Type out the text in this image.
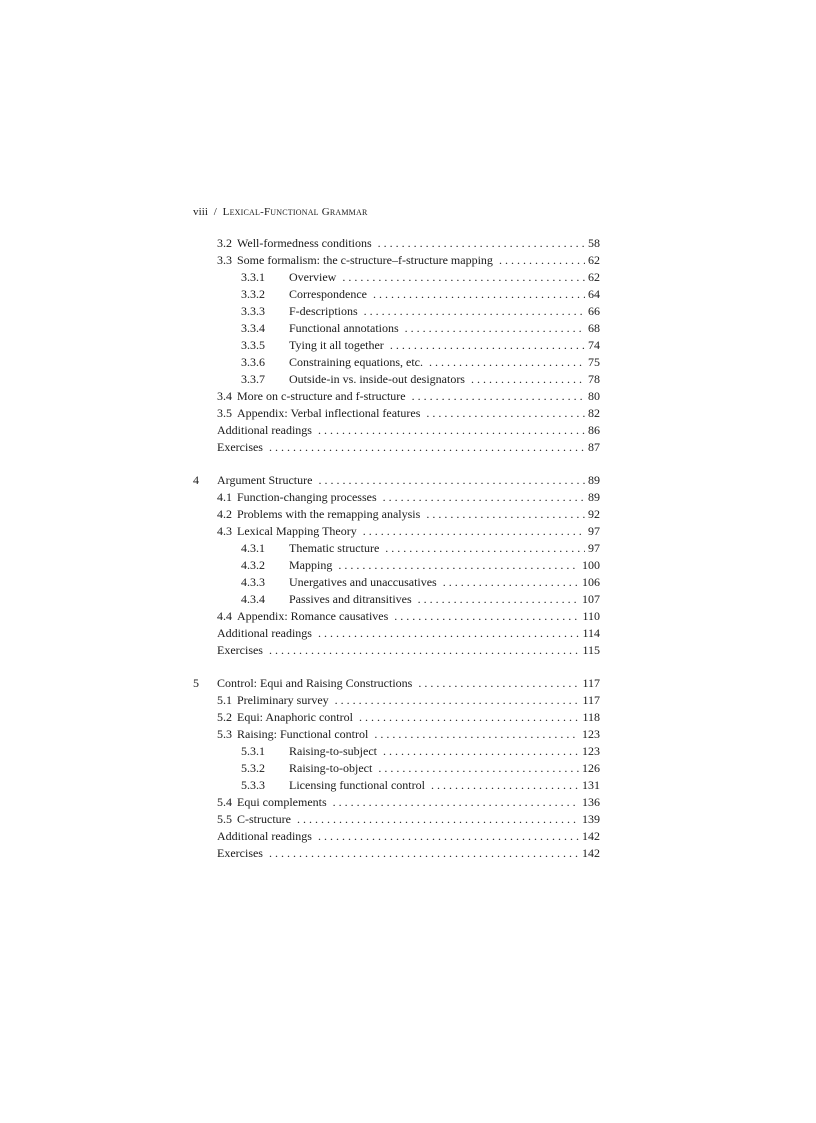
viii / Lexical-Functional Grammar
3.2 Well-formedness conditions . . .	58
3.3 Some formalism: the c-structure–f-structure mapping . . .	62
3.3.1	Overview . . .	62
3.3.2	Correspondence . . .	64
3.3.3	F-descriptions . . .	66
3.3.4	Functional annotations . . .	68
3.3.5	Tying it all together . . .	74
3.3.6	Constraining equations, etc. . . .	75
3.3.7	Outside-in vs. inside-out designators . . .	78
3.4 More on c-structure and f-structure . . .	80
3.5 Appendix: Verbal inflectional features . . .	82
Additional readings . . .	86
Exercises . . .	87
4 Argument Structure . . .	89
4.1 Function-changing processes . . .	89
4.2 Problems with the remapping analysis . . .	92
4.3 Lexical Mapping Theory . . .	97
4.3.1	Thematic structure . . .	97
4.3.2	Mapping . . .	100
4.3.3	Unergatives and unaccusatives . . .	106
4.3.4	Passives and ditransitives . . .	107
4.4 Appendix: Romance causatives . . .	110
Additional readings . . .	114
Exercises . . .	115
5 Control: Equi and Raising Constructions . . .	117
5.1 Preliminary survey . . .	117
5.2 Equi: Anaphoric control . . .	118
5.3 Raising: Functional control . . .	123
5.3.1	Raising-to-subject . . .	123
5.3.2	Raising-to-object . . .	126
5.3.3	Licensing functional control . . .	131
5.4 Equi complements . . .	136
5.5 C-structure . . .	139
Additional readings . . .	142
Exercises . . .	142
